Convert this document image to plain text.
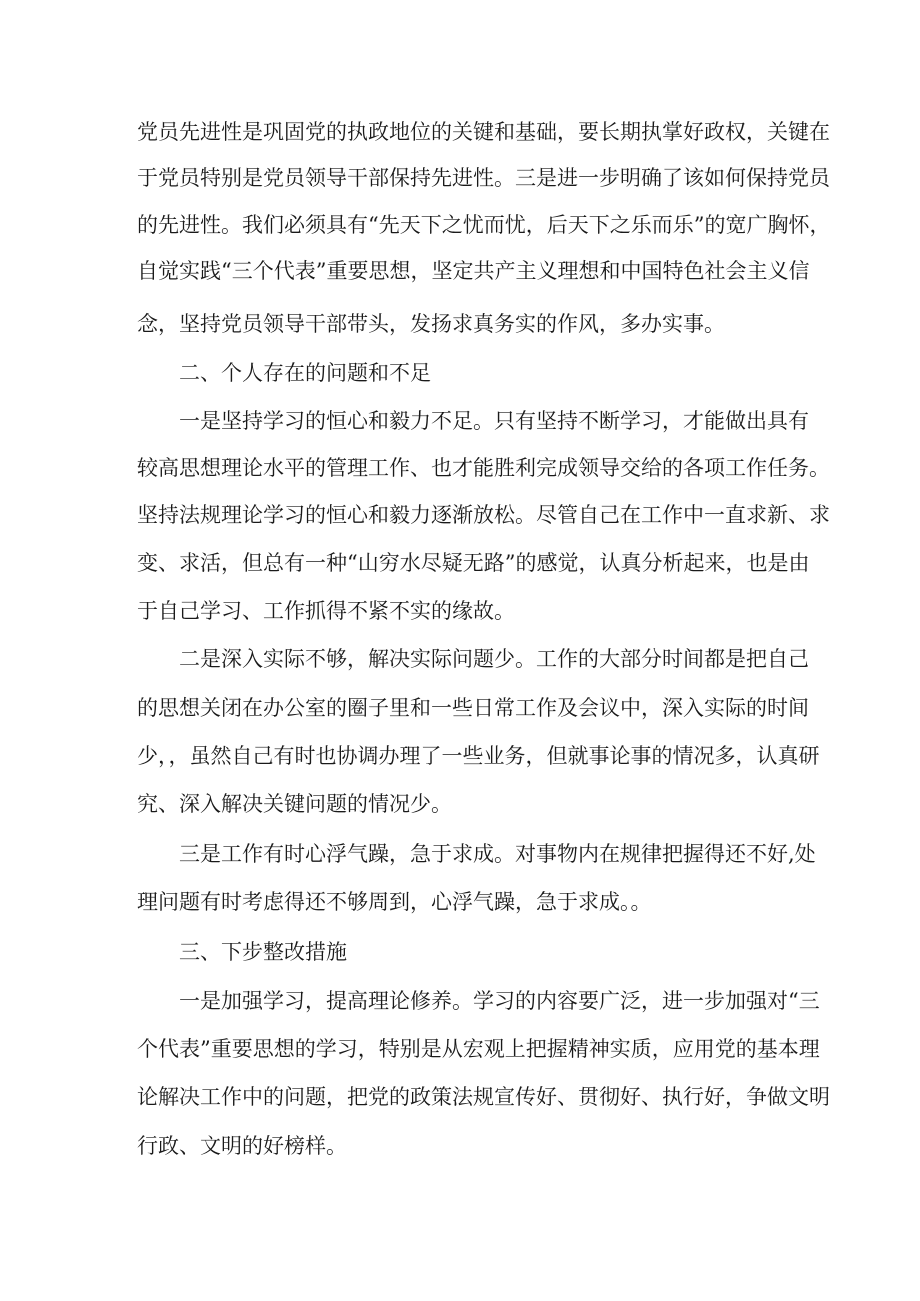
党员先进性是巩固党的执政地位的关键和基础，要长期执掌好政权，关键在
于党员特别是党员领导干部保持先进性。三是进一步明确了该如何保持党员
的先进性。我们必须具有“先天下之忧而忧，后天下之乐而乐”的宽广胸怀，
自觉实践“三个代表”重要思想，坚定共产主义理想和中国特色社会主义信
念，坚持党员领导干部带头，发扬求真务实的作风，多办实事。
二、个人存在的问题和不足
一是坚持学习的恒心和毅力不足。只有坚持不断学习，才能做出具有
较高思想理论水平的管理工作、也才能胜利完成领导交给的各项工作任务。
坚持法规理论学习的恒心和毅力逐渐放松。尽管自己在工作中一直求新、求
变、求活，但总有一种“山穷水尽疑无路”的感觉，认真分析起来，也是由
于自己学习、工作抓得不紧不实的缘故。
二是深入实际不够，解决实际问题少。工作的大部分时间都是把自己
的思想关闭在办公室的圈子里和一些日常工作及会议中，深入实际的时间
少，，虽然自己有时也协调办理了一些业务，但就事论事的情况多，认真研
究、深入解决关键问题的情况少。
三是工作有时心浮气躁，急于求成。对事物内在规律把握得还不好,处
理问题有时考虑得还不够周到，心浮气躁，急于求成。。
三、下步整改措施
一是加强学习，提高理论修养。学习的内容要广泛，进一步加强对“三
个代表”重要思想的学习，特别是从宏观上把握精神实质，应用党的基本理
论解决工作中的问题，把党的政策法规宣传好、贯彻好、执行好，争做文明
行政、文明的好榜样。
